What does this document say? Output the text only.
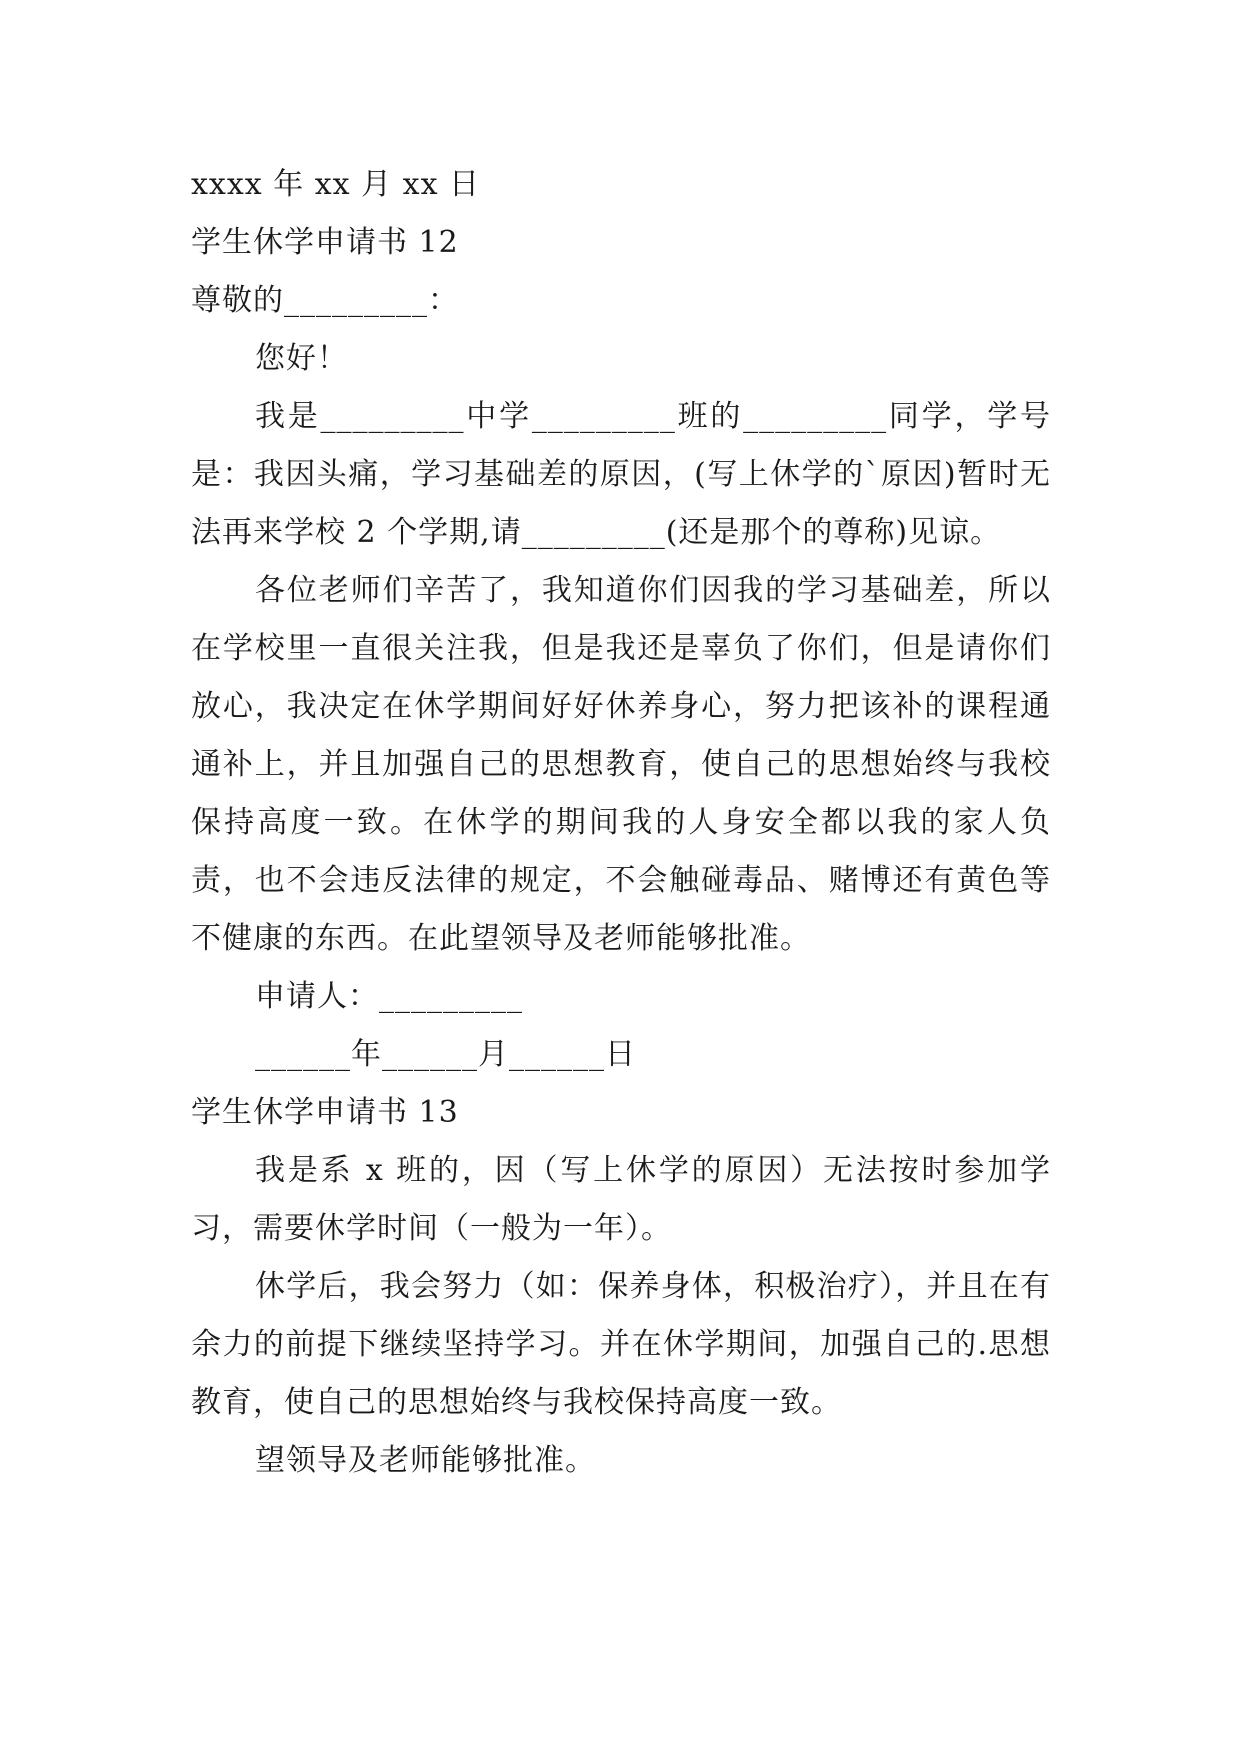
xxxx 年 xx 月 xx 日

学生休学申请书 12

尊敬的_________：

您好！

我是_________中学_________班的_________同学，学号是：我因头痛，学习基础差的原因，(写上休学的`原因)暂时无法再来学校 2 个学期,请_________(还是那个的尊称)见谅。

各位老师们辛苦了，我知道你们因我的学习基础差，所以在学校里一直很关注我，但是我还是辜负了你们，但是请你们放心，我决定在休学期间好好休养身心，努力把该补的课程通通补上，并且加强自己的思想教育，使自己的思想始终与我校保持高度一致。在休学的期间我的人身安全都以我的家人负责，也不会违反法律的规定，不会触碰毒品、赌博还有黄色等不健康的东西。在此望领导及老师能够批准。

申请人：_________

______年______月______日

学生休学申请书 13

我是系 x 班的，因（写上休学的原因）无法按时参加学习，需要休学时间（一般为一年）。

休学后，我会努力（如：保养身体，积极治疗），并且在有余力的前提下继续坚持学习。并在休学期间，加强自己的.思想教育，使自己的思想始终与我校保持高度一致。

望领导及老师能够批准。
